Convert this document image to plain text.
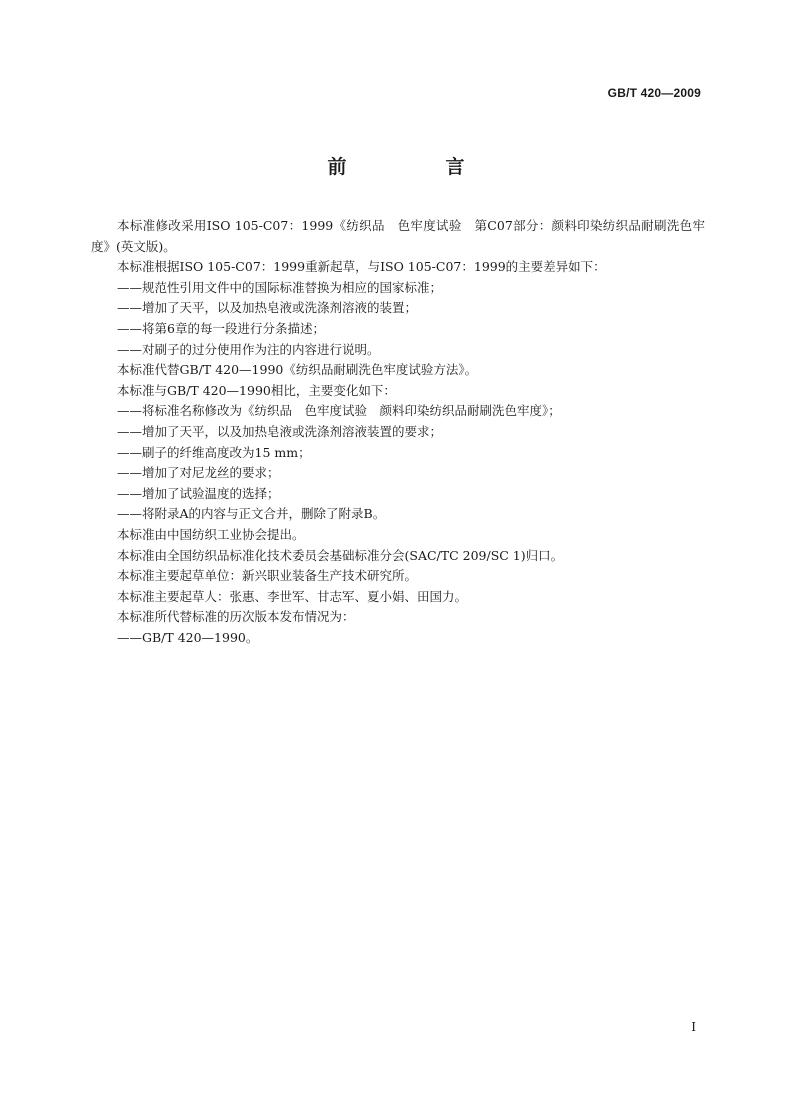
GB/T 420—2009
前　言

本标准修改采用ISO 105-C07：1999《纺织品　色牢度试验　第C07部分：颜料印染纺织品耐刷洗色牢度》(英文版)。

本标准根据ISO 105-C07：1999重新起草，与ISO 105-C07：1999的主要差异如下：

——规范性引用文件中的国际标准替换为相应的国家标准；

——增加了天平，以及加热皂液或洗涤剂溶液的装置；

——将第6章的每一段进行分条描述；

——对刷子的过分使用作为注的内容进行说明。

本标准代替GB/T 420—1990《纺织品耐刷洗色牢度试验方法》。

本标准与GB/T 420—1990相比，主要变化如下：

——将标准名称修改为《纺织品　色牢度试验　颜料印染纺织品耐刷洗色牢度》；

——增加了天平，以及加热皂液或洗涤剂溶液装置的要求；

——刷子的纤维高度改为15 mm；

——增加了对尼龙丝的要求；

——增加了试验温度的选择；

——将附录A的内容与正文合并，删除了附录B。

本标准由中国纺织工业协会提出。

本标准由全国纺织品标准化技术委员会基础标准分会(SAC/TC 209/SC 1)归口。

本标准主要起草单位：新兴职业装备生产技术研究所。

本标准主要起草人：张惠、李世军、甘志军、夏小娟、田国力。

本标准所代替标准的历次版本发布情况为：

——GB/T 420—1990。

I
